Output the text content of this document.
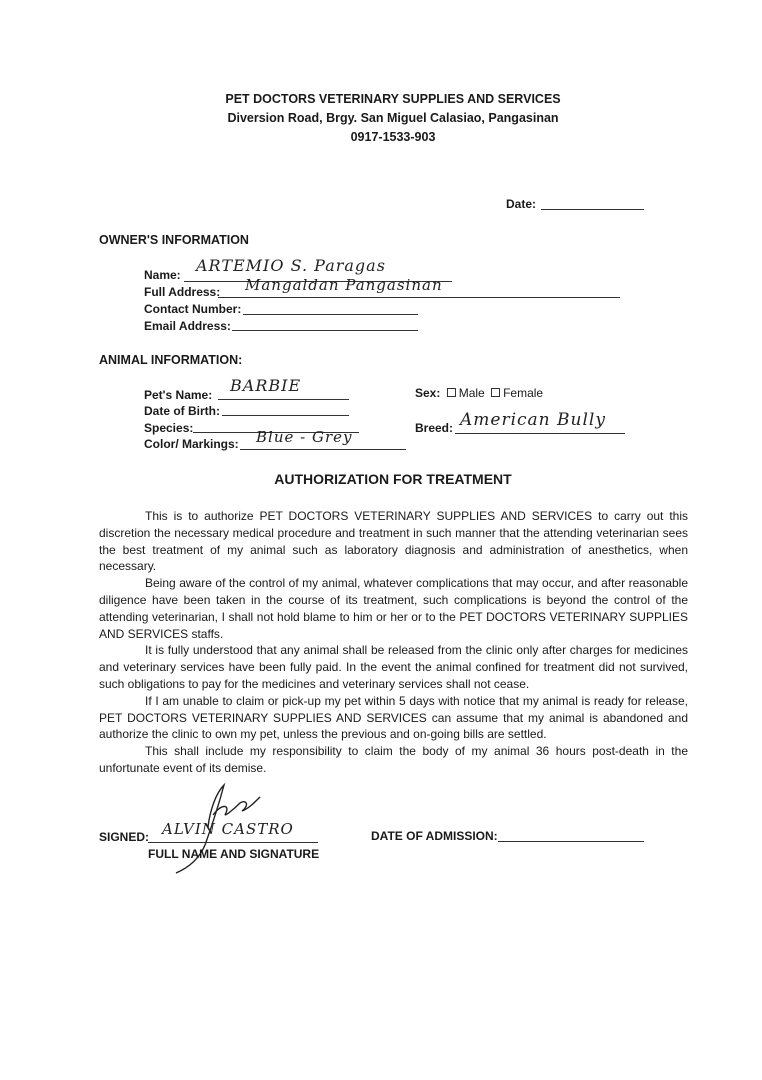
PET DOCTORS VETERINARY SUPPLIES AND SERVICES
Diversion Road, Brgy. San Miguel Calasiao, Pangasinan
0917-1533-903
Date:
OWNER'S INFORMATION
Name: ARTEMIO S. Paragas
Full Address: Mangaldan Pangasinan
Contact Number:
Email Address:
ANIMAL INFORMATION:
Pet's Name: BARBIE
Date of Birth:
Species:
Color/ Markings: Blue - Grey
Sex: Male Female
Breed: American Bully
AUTHORIZATION FOR TREATMENT

This is to authorize PET DOCTORS VETERINARY SUPPLIES AND SERVICES to carry out this discretion the necessary medical procedure and treatment in such manner that the attending veterinarian sees the best treatment of my animal such as laboratory diagnosis and administration of anesthetics, when necessary.

Being aware of the control of my animal, whatever complications that may occur, and after reasonable diligence have been taken in the course of its treatment, such complications is beyond the control of the attending veterinarian, I shall not hold blame to him or her or to the PET DOCTORS VETERINARY SUPPLIES AND SERVICES staffs.

It is fully understood that any animal shall be released from the clinic only after charges for medicines and veterinary services have been fully paid. In the event the animal confined for treatment did not survived, such obligations to pay for the medicines and veterinary services shall not cease.

If I am unable to claim or pick-up my pet within 5 days with notice that my animal is ready for release, PET DOCTORS VETERINARY SUPPLIES AND SERVICES can assume that my animal is abandoned and authorize the clinic to own my pet, unless the previous and on-going bills are settled.

This shall include my responsibility to claim the body of my animal 36 hours post-death in the unfortunate event of its demise.

SIGNED: ALVIN CASTRO
FULL NAME AND SIGNATURE
DATE OF ADMISSION:
